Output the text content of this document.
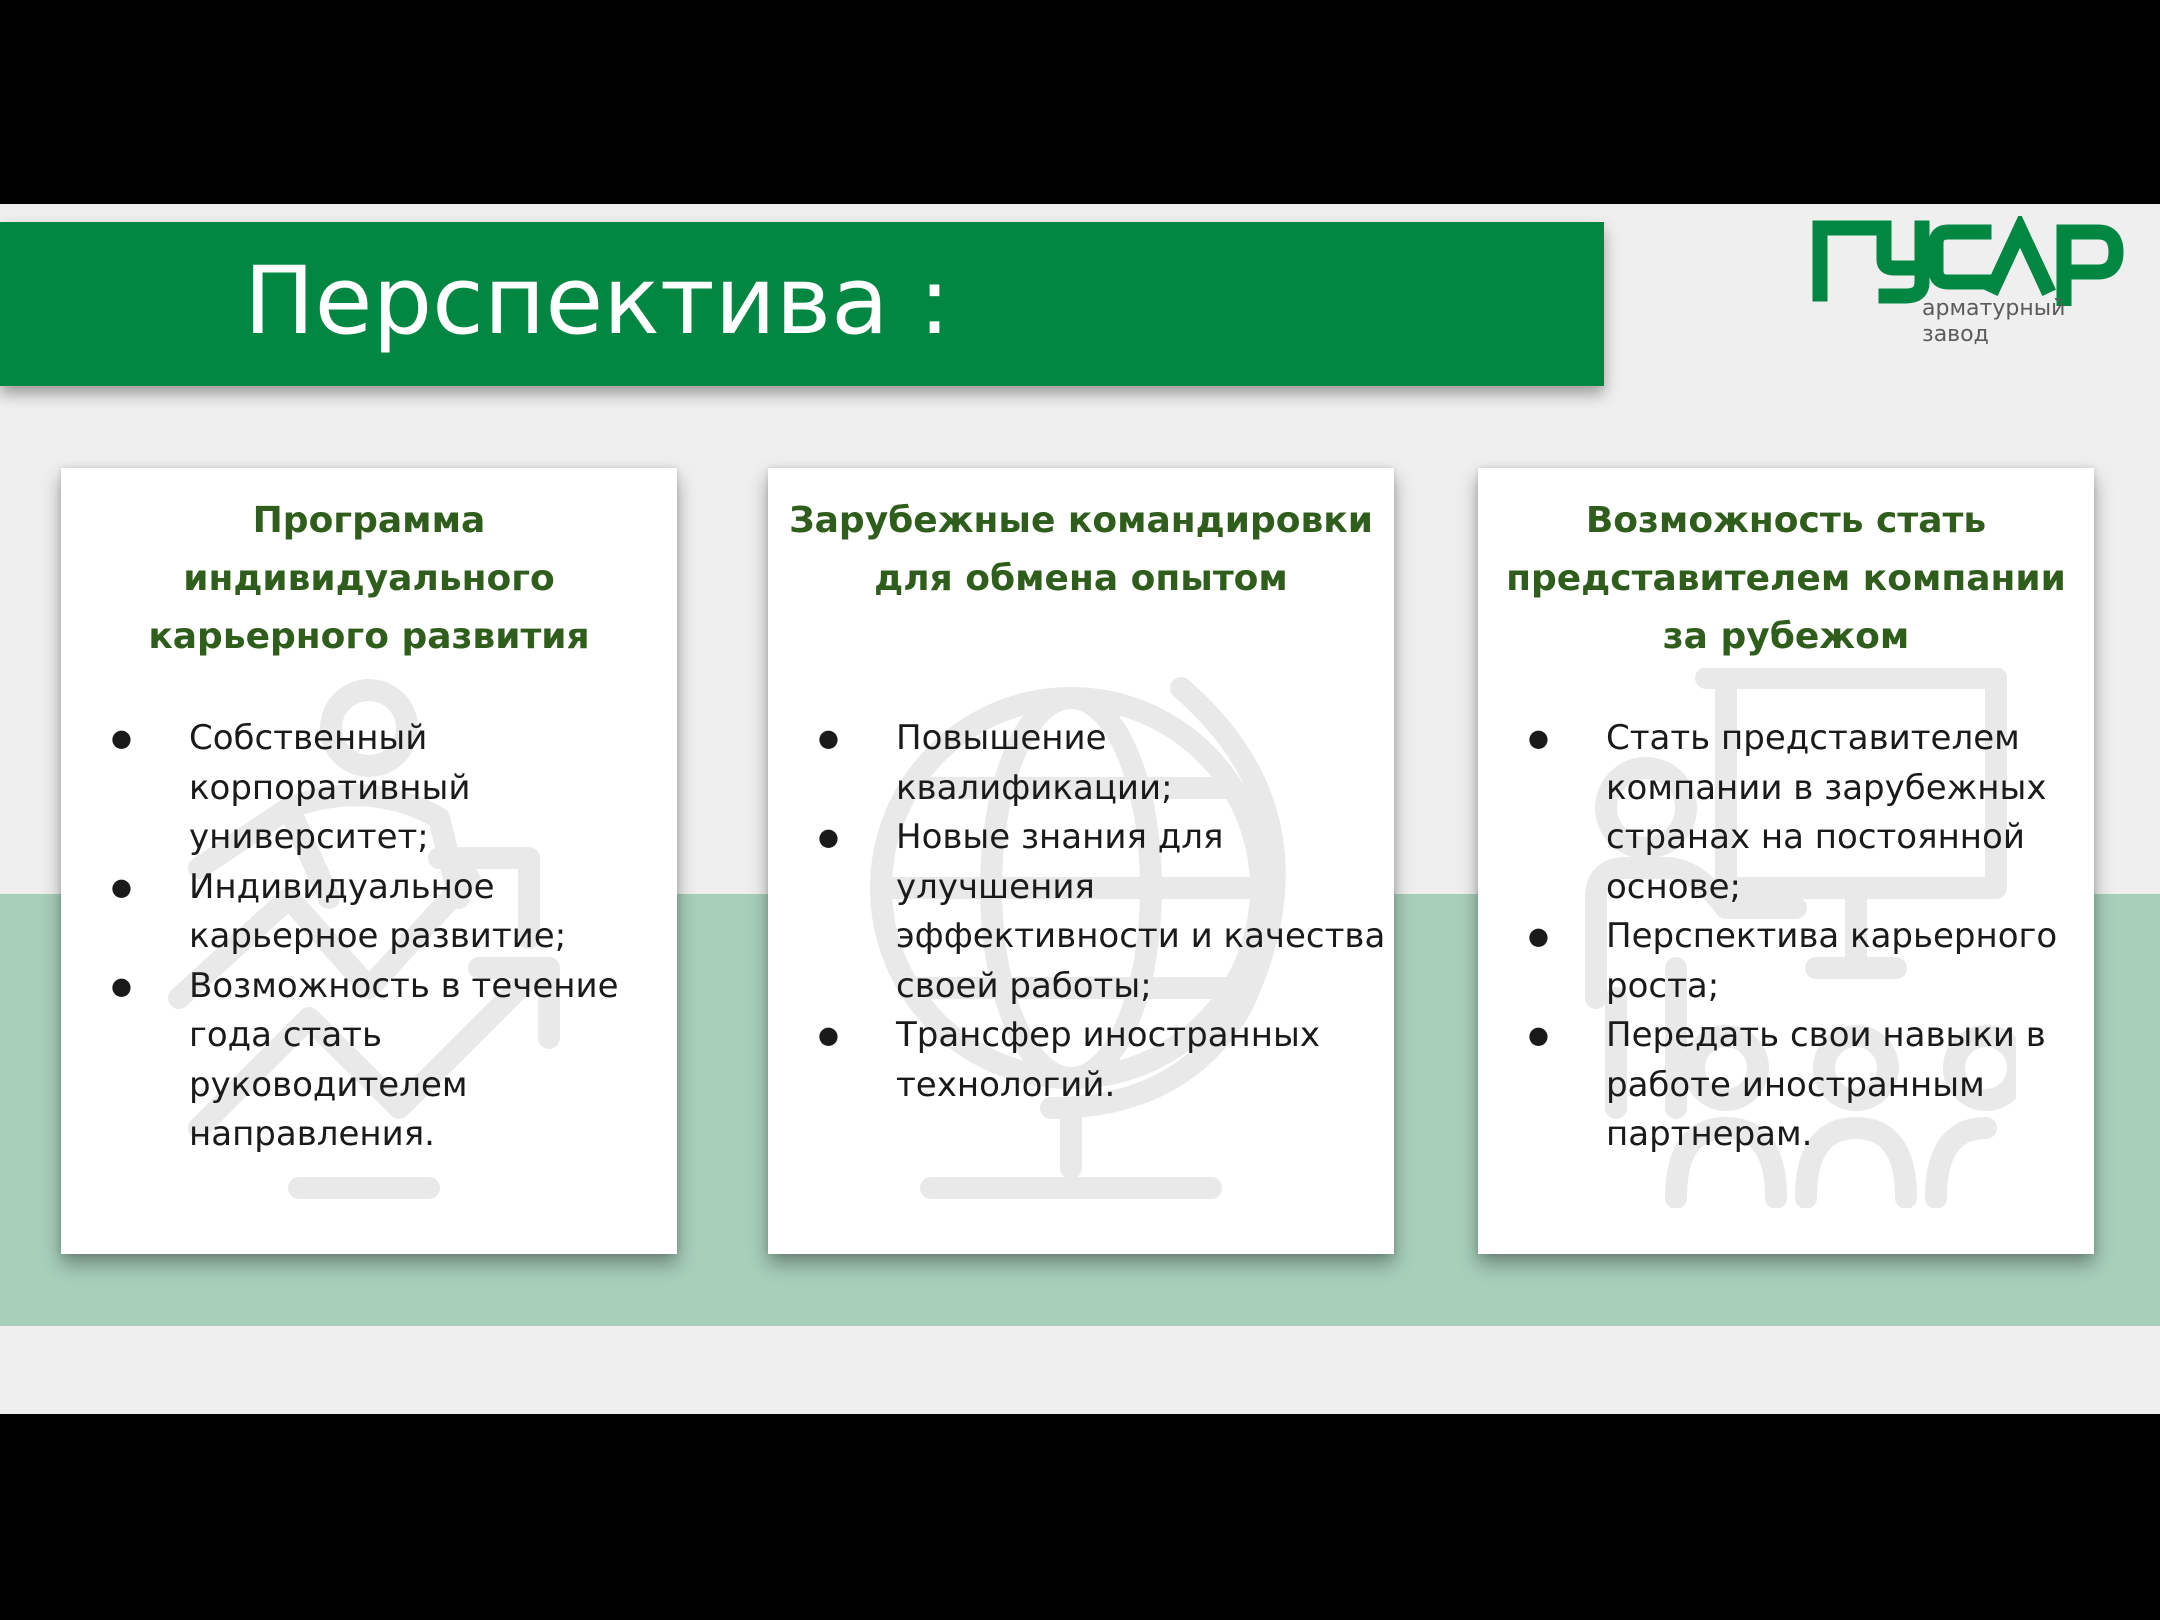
Перспектива :	арматурный
завод
Программа индивидуального карьерного развития
● Собственный корпоративный университет;
● Индивидуальное карьерное развитие;
● Возможность в течение года стать руководителем направления.
Зарубежные командировки для обмена опытом
● Повышение квалификации;
● Новые знания для улучшения эффективности и качества своей работы;
● Трансфер иностранных технологий.
Возможность стать представителем компании за рубежом
● Стать представителем компании в зарубежных странах на постоянной основе;
● Перспектива карьерного роста;
● Передать свои навыки в работе иностранным партнерам.
